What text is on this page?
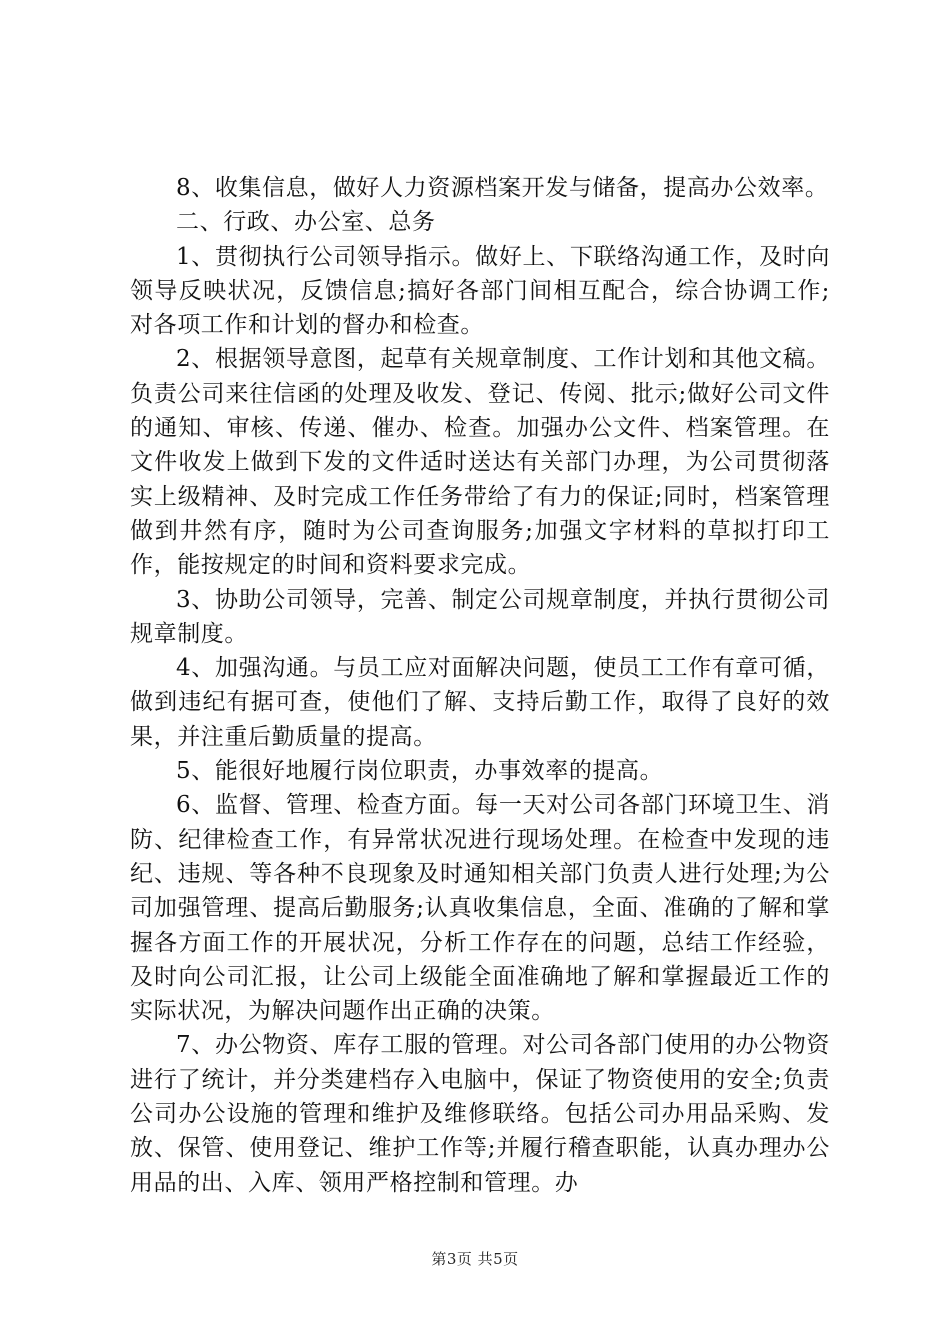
8、收集信息，做好人力资源档案开发与储备，提高办公效率。

二、行政、办公室、总务

1、贯彻执行公司领导指示。做好上、下联络沟通工作，及时向领导反映状况，反馈信息;搞好各部门间相互配合，综合协调工作;对各项工作和计划的督办和检查。

2、根据领导意图，起草有关规章制度、工作计划和其他文稿。负责公司来往信函的处理及收发、登记、传阅、批示;做好公司文件的通知、审核、传递、催办、检查。加强办公文件、档案管理。在文件收发上做到下发的文件适时送达有关部门办理，为公司贯彻落实上级精神、及时完成工作任务带给了有力的保证;同时，档案管理做到井然有序，随时为公司查询服务;加强文字材料的草拟打印工作，能按规定的时间和资料要求完成。

3、协助公司领导，完善、制定公司规章制度，并执行贯彻公司规章制度。

4、加强沟通。与员工应对面解决问题，使员工工作有章可循，做到违纪有据可查，使他们了解、支持后勤工作，取得了良好的效果，并注重后勤质量的提高。

5、能很好地履行岗位职责，办事效率的提高。

6、监督、管理、检查方面。每一天对公司各部门环境卫生、消防、纪律检查工作，有异常状况进行现场处理。在检查中发现的违纪、违规、等各种不良现象及时通知相关部门负责人进行处理;为公司加强管理、提高后勤服务;认真收集信息，全面、准确的了解和掌握各方面工作的开展状况，分析工作存在的问题，总结工作经验，及时向公司汇报，让公司上级能全面准确地了解和掌握最近工作的实际状况，为解决问题作出正确的决策。

7、办公物资、库存工服的管理。对公司各部门使用的办公物资进行了统计，并分类建档存入电脑中，保证了物资使用的安全;负责公司办公设施的管理和维护及维修联络。包括公司办用品采购、发放、保管、使用登记、维护工作等;并履行稽查职能，认真办理办公用品的出、入库、领用严格控制和管理。办

第3页 共5页
